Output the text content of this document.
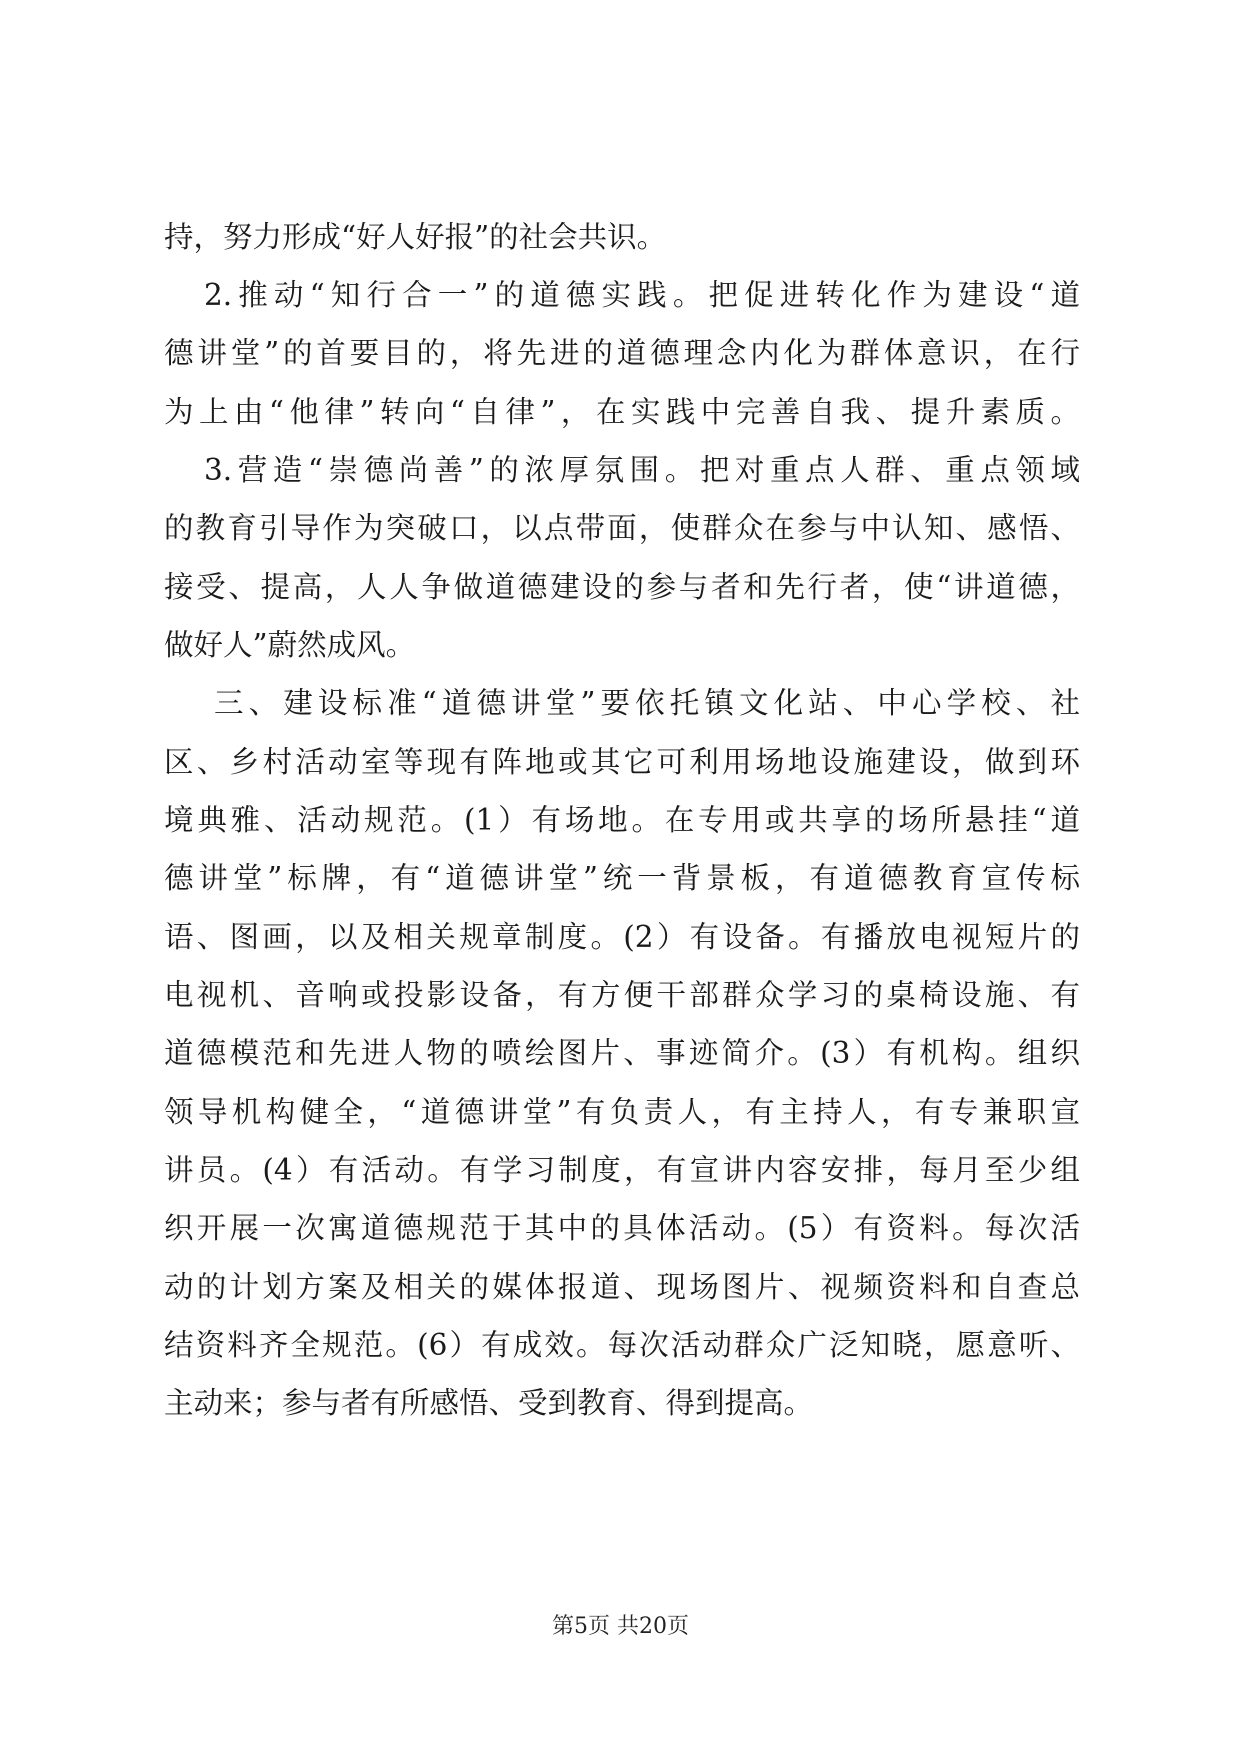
持，努力形成“好人好报”的社会共识。
2.推动“知行合一”的道德实践。把促进转化作为建设“道
德讲堂”的首要目的，将先进的道德理念内化为群体意识，在行
为上由“他律”转向“自律”，在实践中完善自我、提升素质。
3.营造“崇德尚善”的浓厚氛围。把对重点人群、重点领域
的教育引导作为突破口，以点带面，使群众在参与中认知、感悟、
接受、提高，人人争做道德建设的参与者和先行者，使“讲道德，
做好人”蔚然成风。
三、建设标准“道德讲堂”要依托镇文化站、中心学校、社
区、乡村活动室等现有阵地或其它可利用场地设施建设，做到环
境典雅、活动规范。(1）有场地。在专用或共享的场所悬挂“道
德讲堂”标牌，有“道德讲堂”统一背景板，有道德教育宣传标
语、图画，以及相关规章制度。(2）有设备。有播放电视短片的
电视机、音响或投影设备，有方便干部群众学习的桌椅设施、有
道德模范和先进人物的喷绘图片、事迹简介。(3）有机构。组织
领导机构健全，“道德讲堂”有负责人，有主持人，有专兼职宣
讲员。(4）有活动。有学习制度，有宣讲内容安排，每月至少组
织开展一次寓道德规范于其中的具体活动。(5）有资料。每次活
动的计划方案及相关的媒体报道、现场图片、视频资料和自查总
结资料齐全规范。(6）有成效。每次活动群众广泛知晓，愿意听、
主动来；参与者有所感悟、受到教育、得到提高。
第5页 共20页
